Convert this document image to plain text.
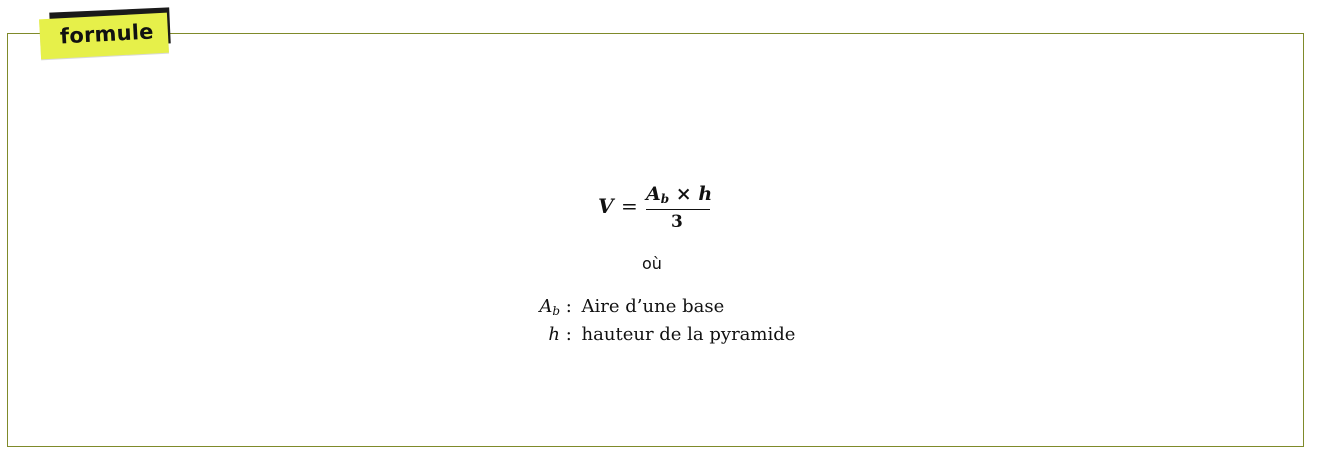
formule
$V = A_b \times h$
3
où
$A_b$ : Aire d’une base
h : hauteur de la pyramide
